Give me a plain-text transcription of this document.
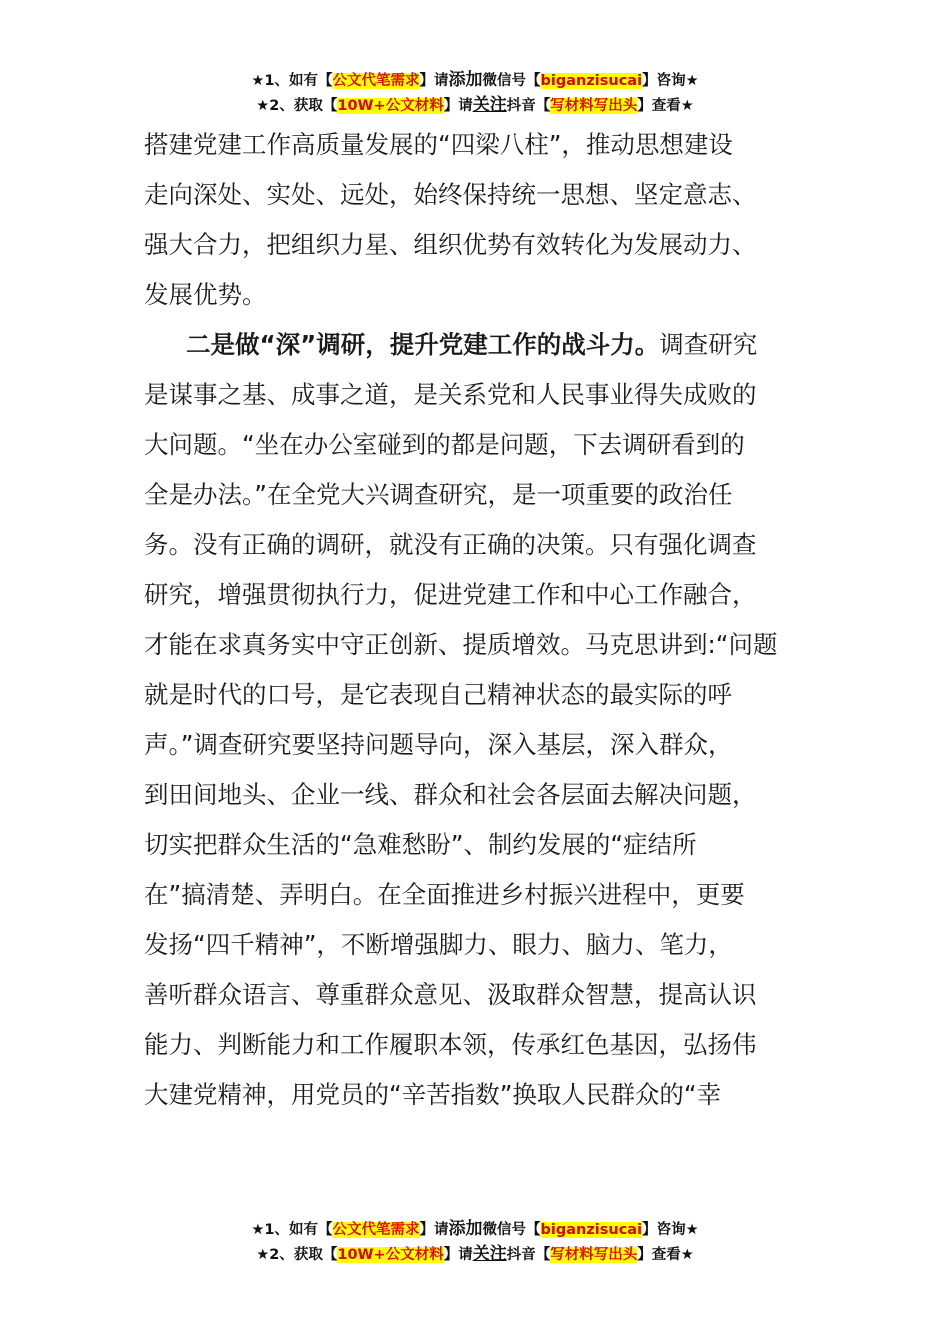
★1、如有【公文代笔需求】请添加微信号【biganzisucai】咨询★
★2、获取【10W+公文材料】请关注抖音【写材料写出头】查看★
搭建党建工作高质量发展的“四梁八柱”，推动思想建设
走向深处、实处、远处，始终保持统一思想、坚定意志、
强大合力，把组织力星、组织优势有效转化为发展动力、
发展优势。
二是做“深”调研，提升党建工作的战斗力。调查研究
是谋事之基、成事之道，是关系党和人民事业得失成败的
大问题。“坐在办公室碰到的都是问题，下去调研看到的
全是办法。”在全党大兴调查研究，是一项重要的政治任
务。没有正确的调研，就没有正确的决策。只有强化调查
研究，增强贯彻执行力，促进党建工作和中心工作融合，
才能在求真务实中守正创新、提质增效。马克思讲到:“问题
就是时代的口号，是它表现自己精神状态的最实际的呼
声。”调查研究要坚持问题导向，深入基层，深入群众，
到田间地头、企业一线、群众和社会各层面去解决问题，
切实把群众生活的“急难愁盼”、制约发展的“症结所
在”搞清楚、弄明白。在全面推进乡村振兴进程中，更要
发扬“四千精神”，不断增强脚力、眼力、脑力、笔力，
善听群众语言、尊重群众意见、汲取群众智慧，提高认识
能力、判断能力和工作履职本领，传承红色基因，弘扬伟
大建党精神，用党员的“辛苦指数”换取人民群众的“幸
★1、如有【公文代笔需求】请添加微信号【biganzisucai】咨询★
★2、获取【10W+公文材料】请关注抖音【写材料写出头】查看★
